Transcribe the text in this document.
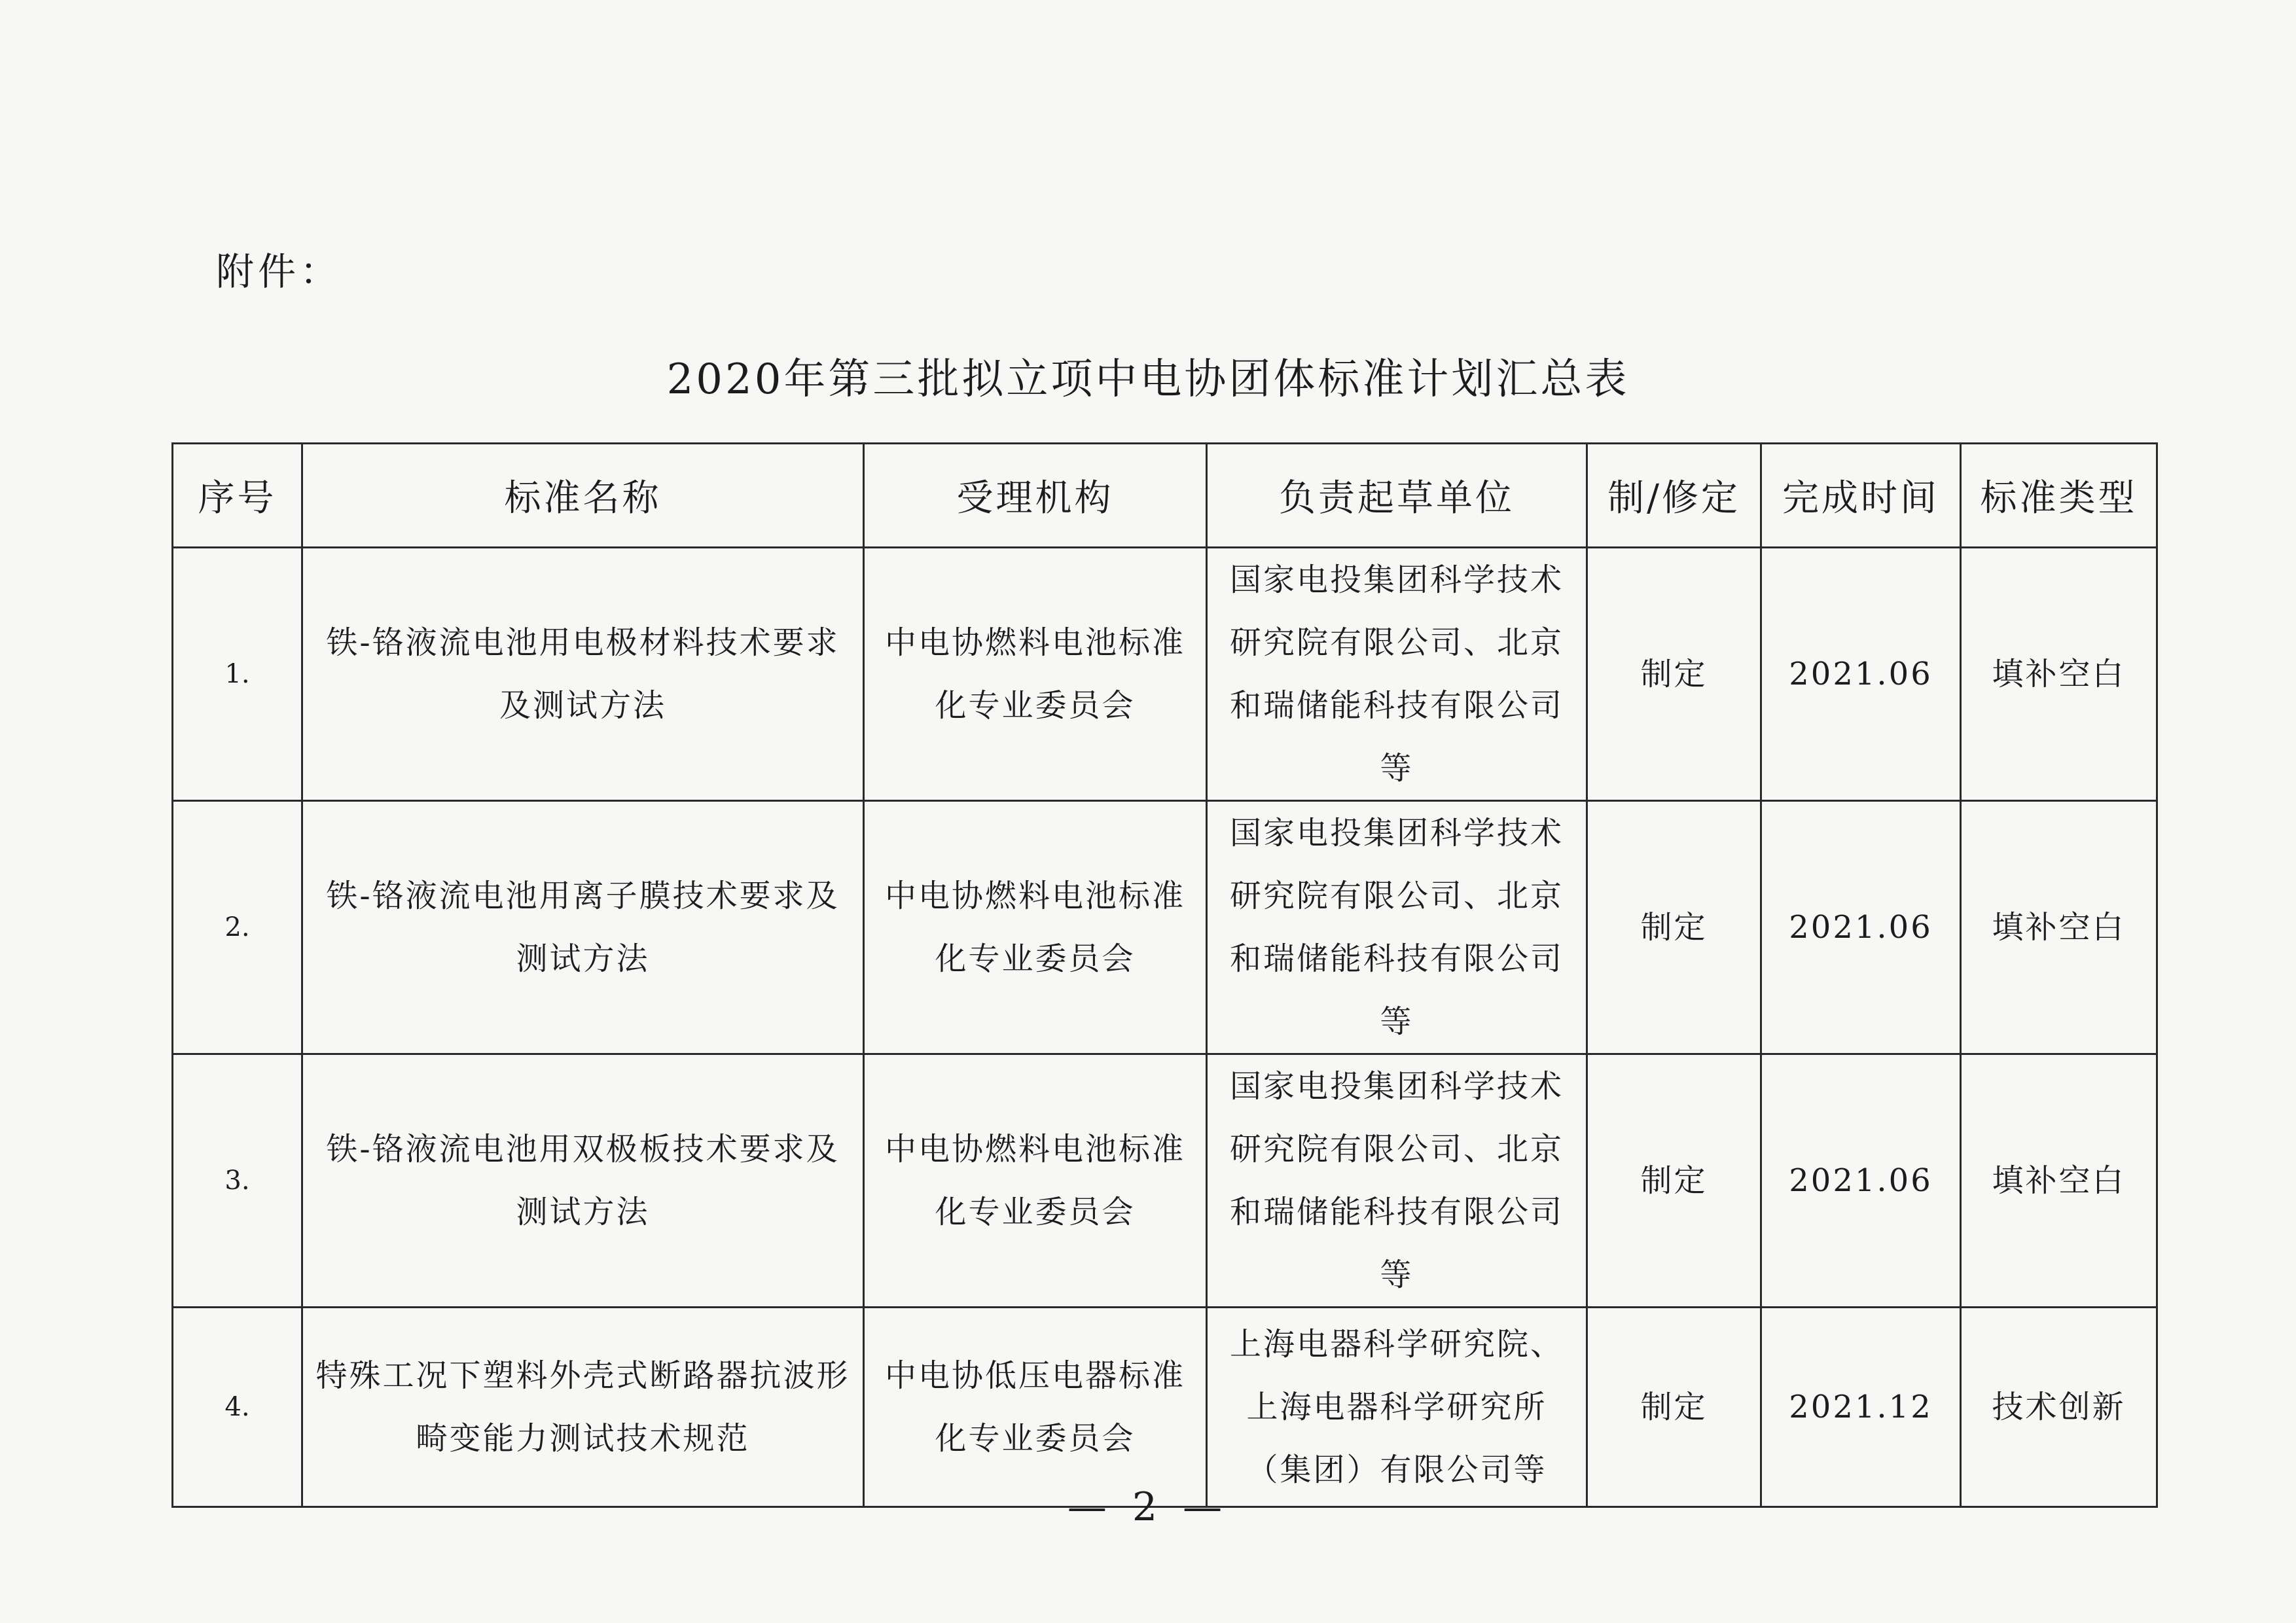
附件：
2020年第三批拟立项中电协团体标准计划汇总表
序号	标准名称	受理机构	负责起草单位	制/修定	完成时间	标准类型
1.	铁-铬液流电池用电极材料技术要求及测试方法	中电协燃料电池标准化专业委员会	国家电投集团科学技术研究院有限公司、北京和瑞储能科技有限公司等	制定	2021.06	填补空白
2.	铁-铬液流电池用离子膜技术要求及测试方法	中电协燃料电池标准化专业委员会	国家电投集团科学技术研究院有限公司、北京和瑞储能科技有限公司等	制定	2021.06	填补空白
3.	铁-铬液流电池用双极板技术要求及测试方法	中电协燃料电池标准化专业委员会	国家电投集团科学技术研究院有限公司、北京和瑞储能科技有限公司等	制定	2021.06	填补空白
4.	特殊工况下塑料外壳式断路器抗波形畸变能力测试技术规范	中电协低压电器标准化专业委员会	上海电器科学研究院、上海电器科学研究所（集团）有限公司等	制定	2021.12	技术创新
— 2 —
